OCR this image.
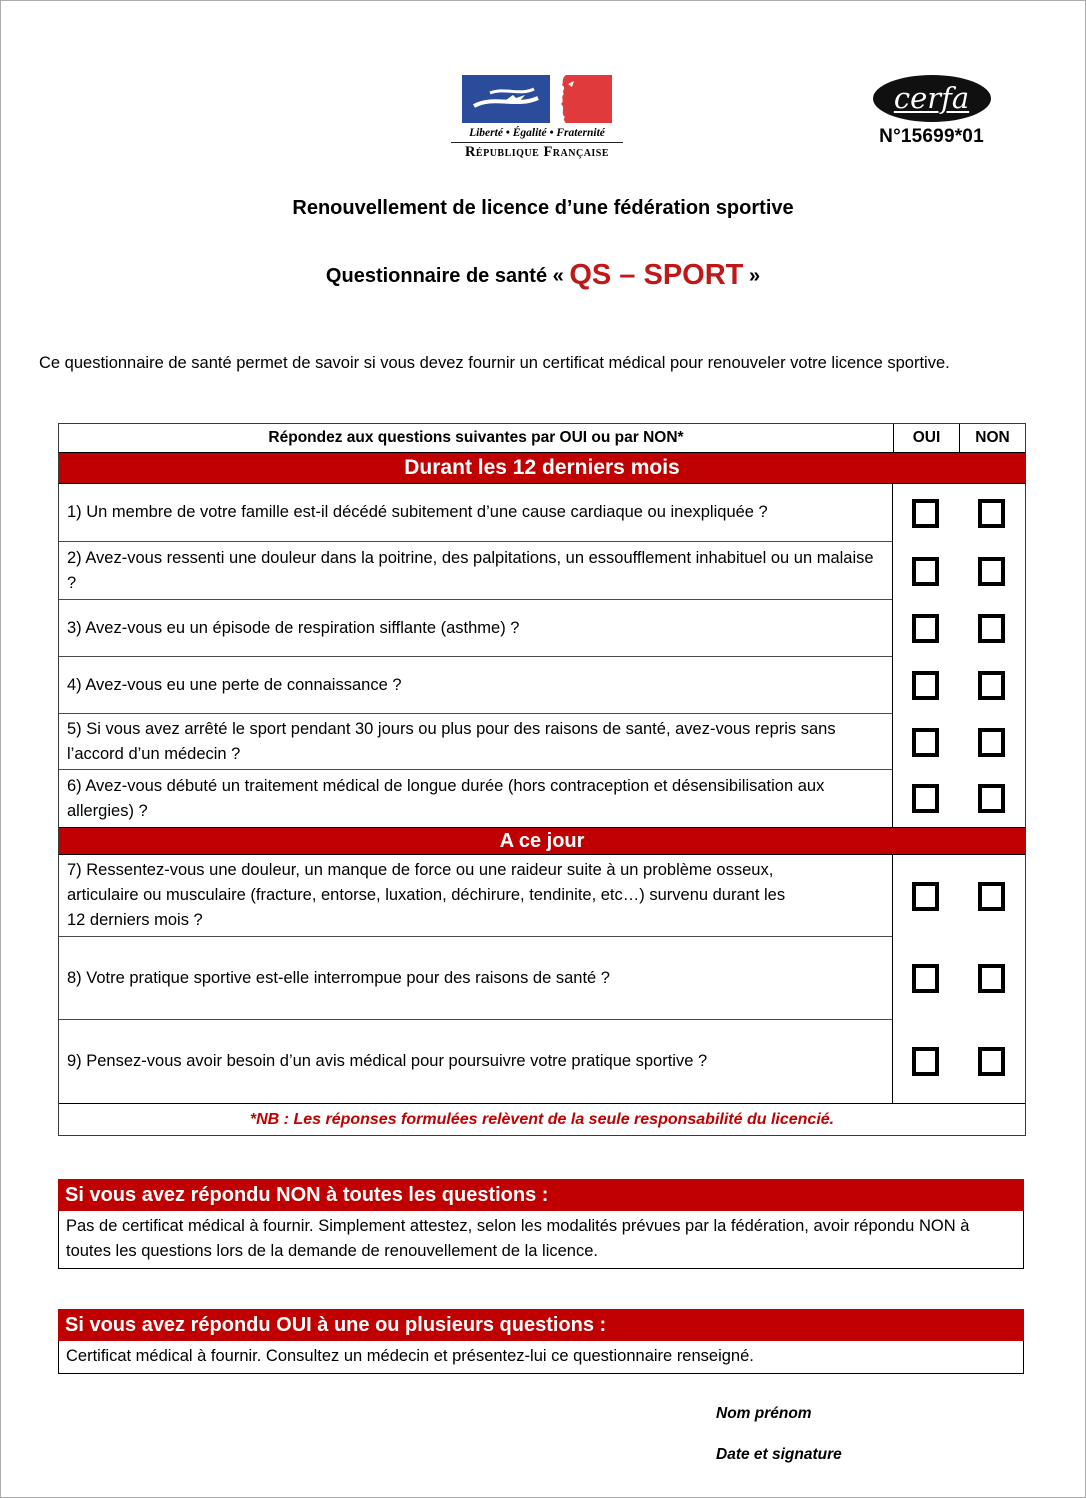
Liberté • Égalité • Fraternité
République Française
cerfa
N°15699*01
Renouvellement de licence d’une fédération sportive
Questionnaire de santé « QS – SPORT »
Ce questionnaire de santé permet de savoir si vous devez fournir un certificat médical pour renouveler votre licence sportive.
Répondez aux questions suivantes par OUI ou par NON*	OUI	NON
Durant les 12 derniers mois
1) Un membre de votre famille est-il décédé subitement d’une cause cardiaque ou inexpliquée ?
2) Avez-vous ressenti une douleur dans la poitrine, des palpitations, un essoufflement inhabituel ou un malaise ?
3) Avez-vous eu un épisode de respiration sifflante (asthme) ?
4) Avez-vous eu une perte de connaissance ?
5) Si vous avez arrêté le sport pendant 30 jours ou plus pour des raisons de santé, avez-vous repris sans l’accord d’un médecin ?
6) Avez-vous débuté un traitement médical de longue durée (hors contraception et désensibilisation aux allergies) ?
A ce jour
7) Ressentez-vous une douleur, un manque de force ou une raideur suite à un problème osseux, articulaire ou musculaire (fracture, entorse, luxation, déchirure, tendinite, etc…) survenu durant les 12 derniers mois ?
8) Votre pratique sportive est-elle interrompue pour des raisons de santé ?
9) Pensez-vous avoir besoin d’un avis médical pour poursuivre votre pratique sportive ?
*NB : Les réponses formulées relèvent de la seule responsabilité du licencié.
Si vous avez répondu NON à toutes les questions :
Pas de certificat médical à fournir. Simplement attestez, selon les modalités prévues par la fédération, avoir répondu NON à toutes les questions lors de la demande de renouvellement de la licence.
Si vous avez répondu OUI à une ou plusieurs questions :
Certificat médical à fournir. Consultez un médecin et présentez-lui ce questionnaire renseigné.
Nom prénom
Date et signature
